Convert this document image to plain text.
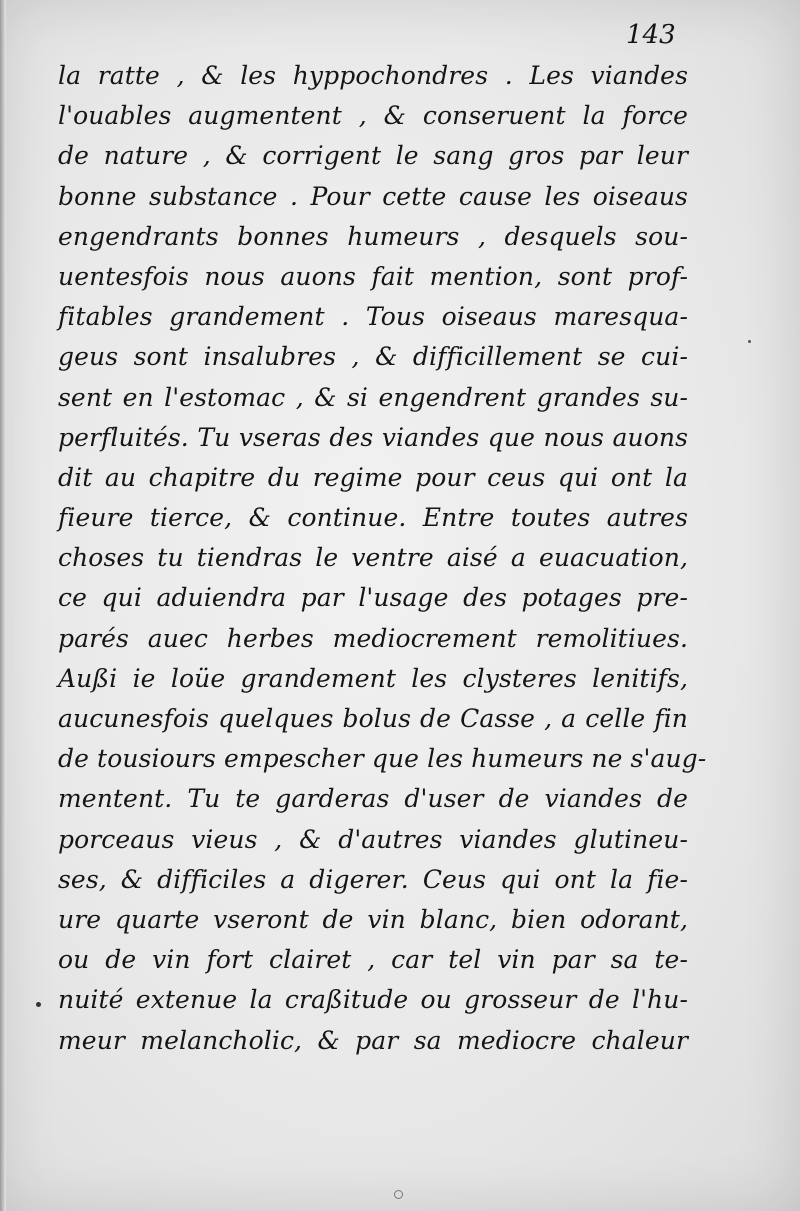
143

la ratte , & les hyppochondres . Les viandes
l'ouables augmentent , & conseruent la force
de nature , & corrigent le sang gros par leur
bonne substance . Pour cette cause les oiseaus
engendrants bonnes humeurs , desquels sou-
uentesfois nous auons fait mention, sont prof-
fitables grandement . Tous oiseaus maresqua-
geus sont insalubres , & difficillement se cui-
sent en l'estomac , & si engendrent grandes su-
perfluités. Tu vseras des viandes que nous auons
dit au chapitre du regime pour ceus qui ont la
fieure tierce, & continue. Entre toutes autres
choses tu tiendras le ventre aisé a euacuation,
ce qui aduiendra par l'usage des potages pre-
parés auec herbes mediocrement remolitiues.
Außi ie loüe grandement les clysteres lenitifs,
aucunesfois quelques bolus de Casse , a celle fin
de tousiours empescher que les humeurs ne s'aug-
mentent. Tu te garderas d'user de viandes de
porceaus vieus , & d'autres viandes glutineu-
ses, & difficiles a digerer. Ceus qui ont la fie-
ure quarte vseront de vin blanc, bien odorant,
ou de vin fort clairet , car tel vin par sa te-
nuité extenue la craßitude ou grosseur de l'hu-
meur melancholic, & par sa mediocre chaleur
